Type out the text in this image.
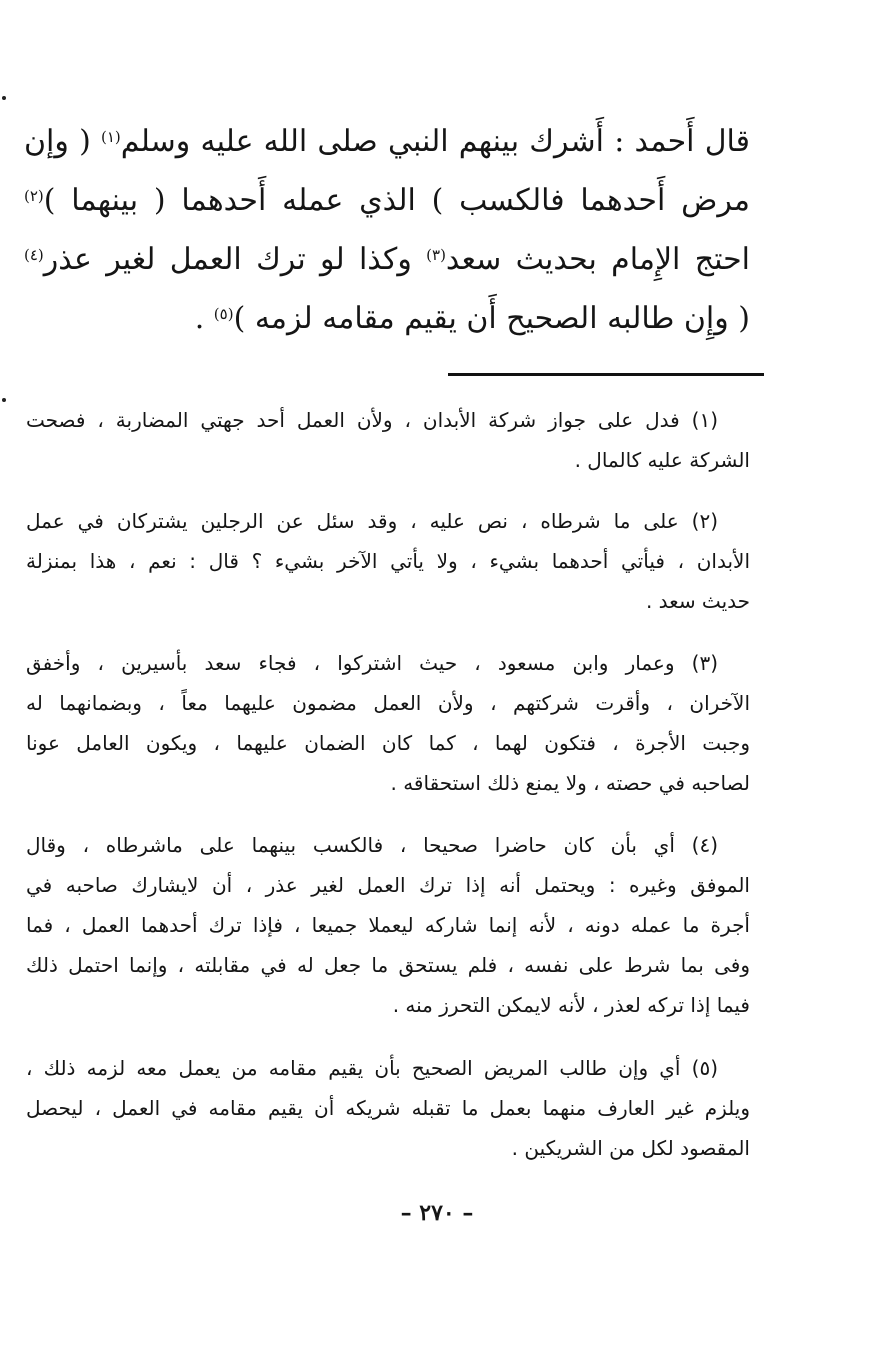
قال أَحمد : أَشرك بينهم النبي صلى الله عليه وسلم$^{(١)}$ ( وإن
مرض أَحدهما فالكسب ) الذي عمله أَحدهما ( بينهما )$^{(٢)}$
احتج الإِمام بحديث سعد$^{(٣)}$ وكذا لو ترك العمل لغير عذر$^{(٤)}$
( وإِن طالبه الصحيح أَن يقيم مقامه لزمه )$^{(٥)}$ .
(١) فدل على جواز شركة الأبدان ، ولأن العمل أحد جهتي المضاربة ، فصحت
الشركة عليه كالمال .
(٢) على ما شرطاه ، نص عليه ، وقد سئل عن الرجلين يشتركان في عمل
الأبدان ، فيأتي أحدهما بشيء ، ولا يأتي الآخر بشيء ؟ قال : نعم ، هذا بمنزلة
حديث سعد .
(٣) وعمار وابن مسعود ، حيث اشتركوا ، فجاء سعد بأسيرين ، وأخفق
الآخران ، وأقرت شركتهم ، ولأن العمل مضمون عليهما معاً ، وبضمانهما له
وجبت الأجرة ، فتكون لهما ، كما كان الضمان عليهما ، ويكون العامل عونا
لصاحبه في حصته ، ولا يمنع ذلك استحقاقه .
(٤) أي بأن كان حاضرا صحيحا ، فالكسب بينهما على ماشرطاه ، وقال
الموفق وغيره : ويحتمل أنه إذا ترك العمل لغير عذر ، أن لايشارك صاحبه في
أجرة ما عمله دونه ، لأنه إنما شاركه ليعملا جميعا ، فإذا ترك أحدهما العمل ، فما
وفى بما شرط على نفسه ، فلم يستحق ما جعل له في مقابلته ، وإنما احتمل ذلك
فيما إذا تركه لعذر ، لأنه لايمكن التحرز منه .
(٥) أي وإن طالب المريض الصحيح بأن يقيم مقامه من يعمل معه لزمه ذلك ،
ويلزم غير العارف منهما بعمل ما تقبله شريكه أن يقيم مقامه في العمل ، ليحصل
المقصود لكل من الشريكين .
– ٢٧٠ –
